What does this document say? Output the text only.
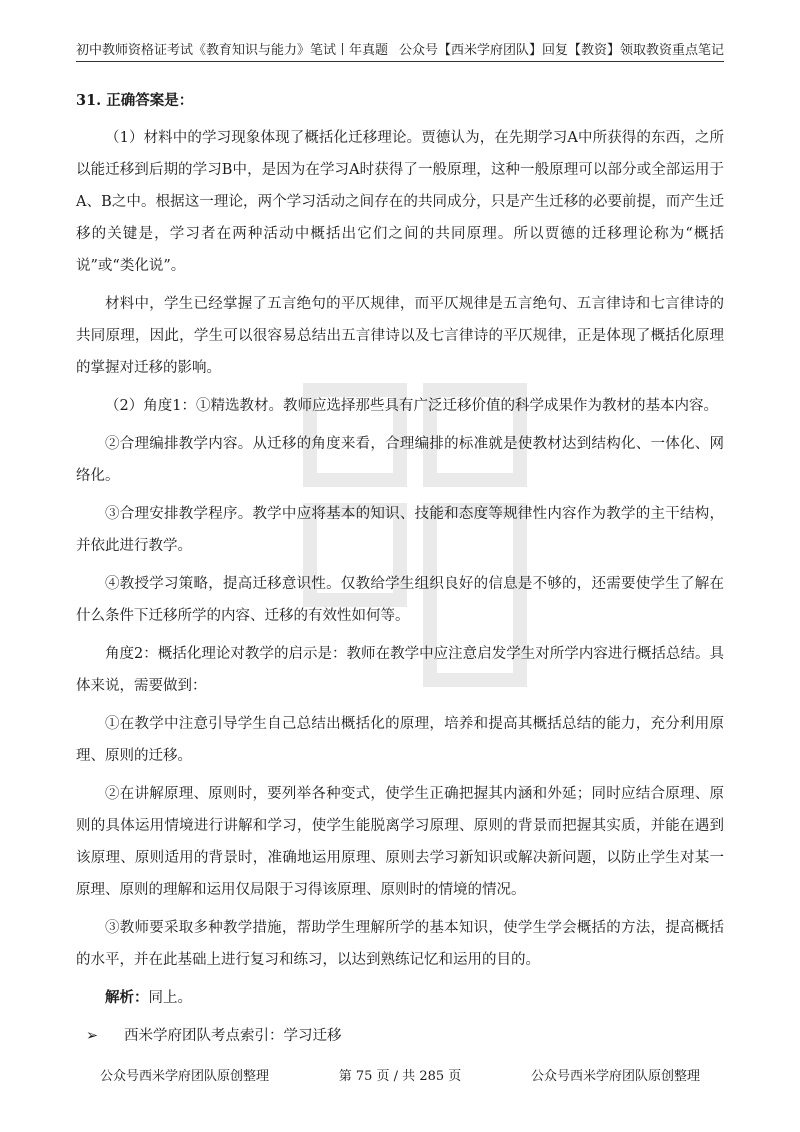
初中教师资格证考试《教育知识与能力》笔试丨年真题 公众号【西米学府团队】回复【教资】领取教资重点笔记

31. 正确答案是：

（1）材料中的学习现象体现了概括化迁移理论。贾德认为，在先期学习A中所获得的东西，之所以能迁移到后期的学习B中，是因为在学习A时获得了一般原理，这种一般原理可以部分或全部运用于A、B之中。根据这一理论，两个学习活动之间存在的共同成分，只是产生迁移的必要前提，而产生迁移的关键是，学习者在两种活动中概括出它们之间的共同原理。所以贾德的迁移理论称为“概括说”或“类化说”。

材料中，学生已经掌握了五言绝句的平仄规律，而平仄规律是五言绝句、五言律诗和七言律诗的共同原理，因此，学生可以很容易总结出五言律诗以及七言律诗的平仄规律，正是体现了概括化原理的掌握对迁移的影响。

（2）角度1：①精选教材。教师应选择那些具有广泛迁移价值的科学成果作为教材的基本内容。

②合理编排教学内容。从迁移的角度来看，合理编排的标准就是使教材达到结构化、一体化、网络化。

③合理安排教学程序。教学中应将基本的知识、技能和态度等规律性内容作为教学的主干结构，并依此进行教学。

④教授学习策略，提高迁移意识性。仅教给学生组织良好的信息是不够的，还需要使学生了解在什么条件下迁移所学的内容、迁移的有效性如何等。

角度2：概括化理论对教学的启示是：教师在教学中应注意启发学生对所学内容进行概括总结。具体来说，需要做到：

①在教学中注意引导学生自己总结出概括化的原理，培养和提高其概括总结的能力，充分利用原理、原则的迁移。

②在讲解原理、原则时，要列举各种变式，使学生正确把握其内涵和外延；同时应结合原理、原则的具体运用情境进行讲解和学习，使学生能脱离学习原理、原则的背景而把握其实质，并能在遇到该原理、原则适用的背景时，准确地运用原理、原则去学习新知识或解决新问题，以防止学生对某一原理、原则的理解和运用仅局限于习得该原理、原则时的情境的情况。

③教师要采取多种教学措施，帮助学生理解所学的基本知识，使学生学会概括的方法，提高概括的水平，并在此基础上进行复习和练习，以达到熟练记忆和运用的目的。

解析：同上。

➢	西米学府团队考点索引：学习迁移
公众号西米学府团队原创整理	第 75 页 / 共 285 页	公众号西米学府团队原创整理
